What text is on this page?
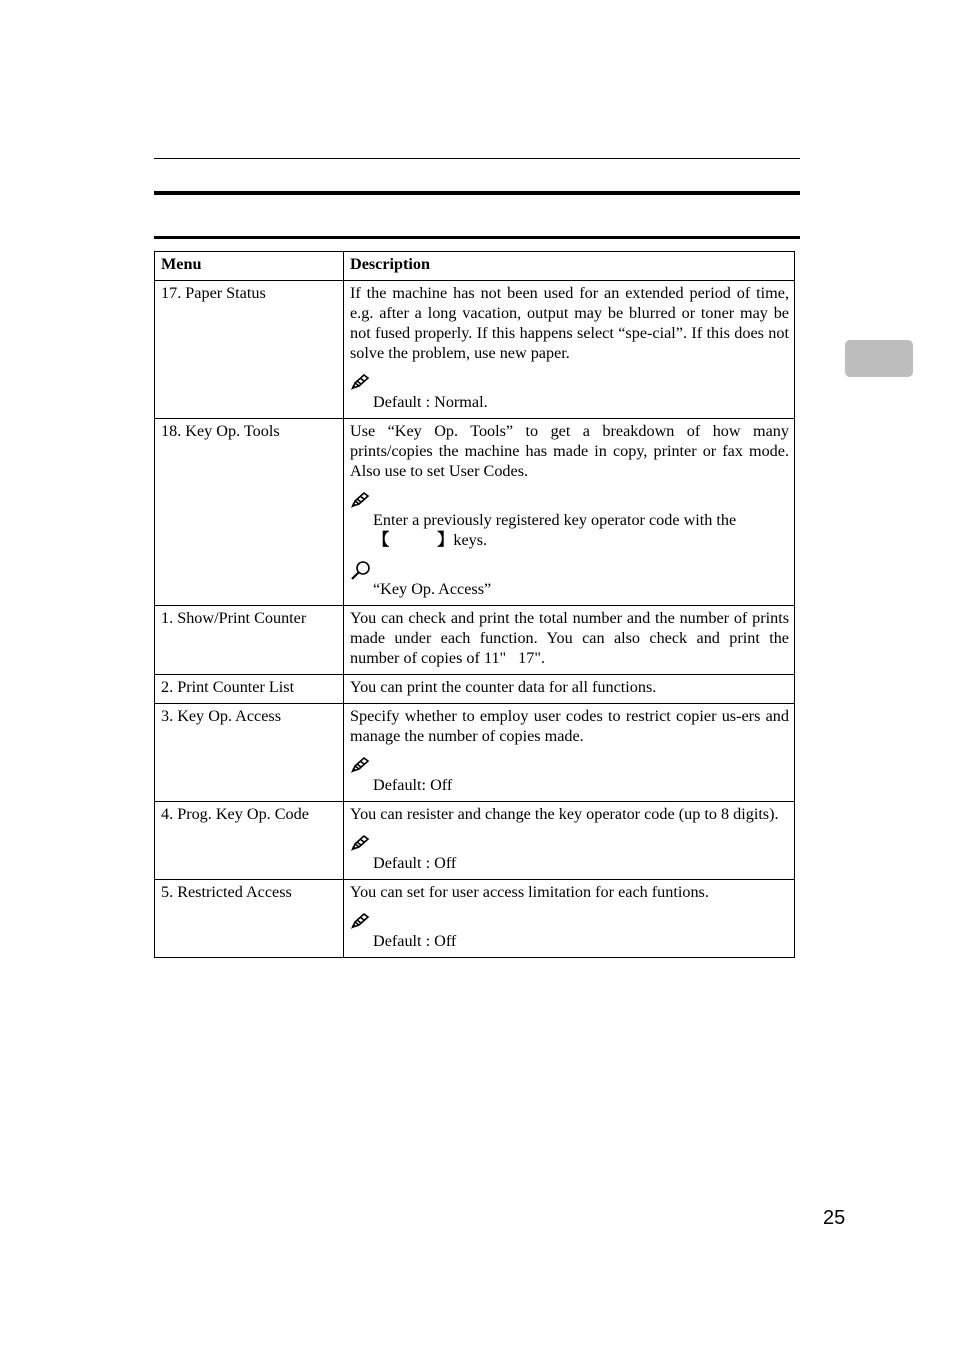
Menu	Description
17. Paper Status	If the machine has not been used for an extended period of time, e.g. after a long vacation, output may be blurred or toner may be not fused properly. If this happens select “spe-cial”. If this does not solve the problem, use new paper.
Default : Normal.

18. Key Op. Tools	Use “Key Op. Tools” to get a breakdown of how many prints/copies the machine has made in copy, printer or fax mode. Also use to set User Codes.
Enter a previously registered key operator code with the
【 】keys.
“Key Op. Access”

1. Show/Print Counter	You can check and print the total number and the number of prints made under each function. You can also check and print the number of copies of 11" 17".

2. Print Counter List	You can print the counter data for all functions.

3. Key Op. Access	Specify whether to employ user codes to restrict copier us-ers and manage the number of copies made.
Default: Off

4. Prog. Key Op. Code	You can resister and change the key operator code (up to 8 digits).
Default : Off

5. Restricted Access	You can set for user access limitation for each funtions.
Default : Off
25
